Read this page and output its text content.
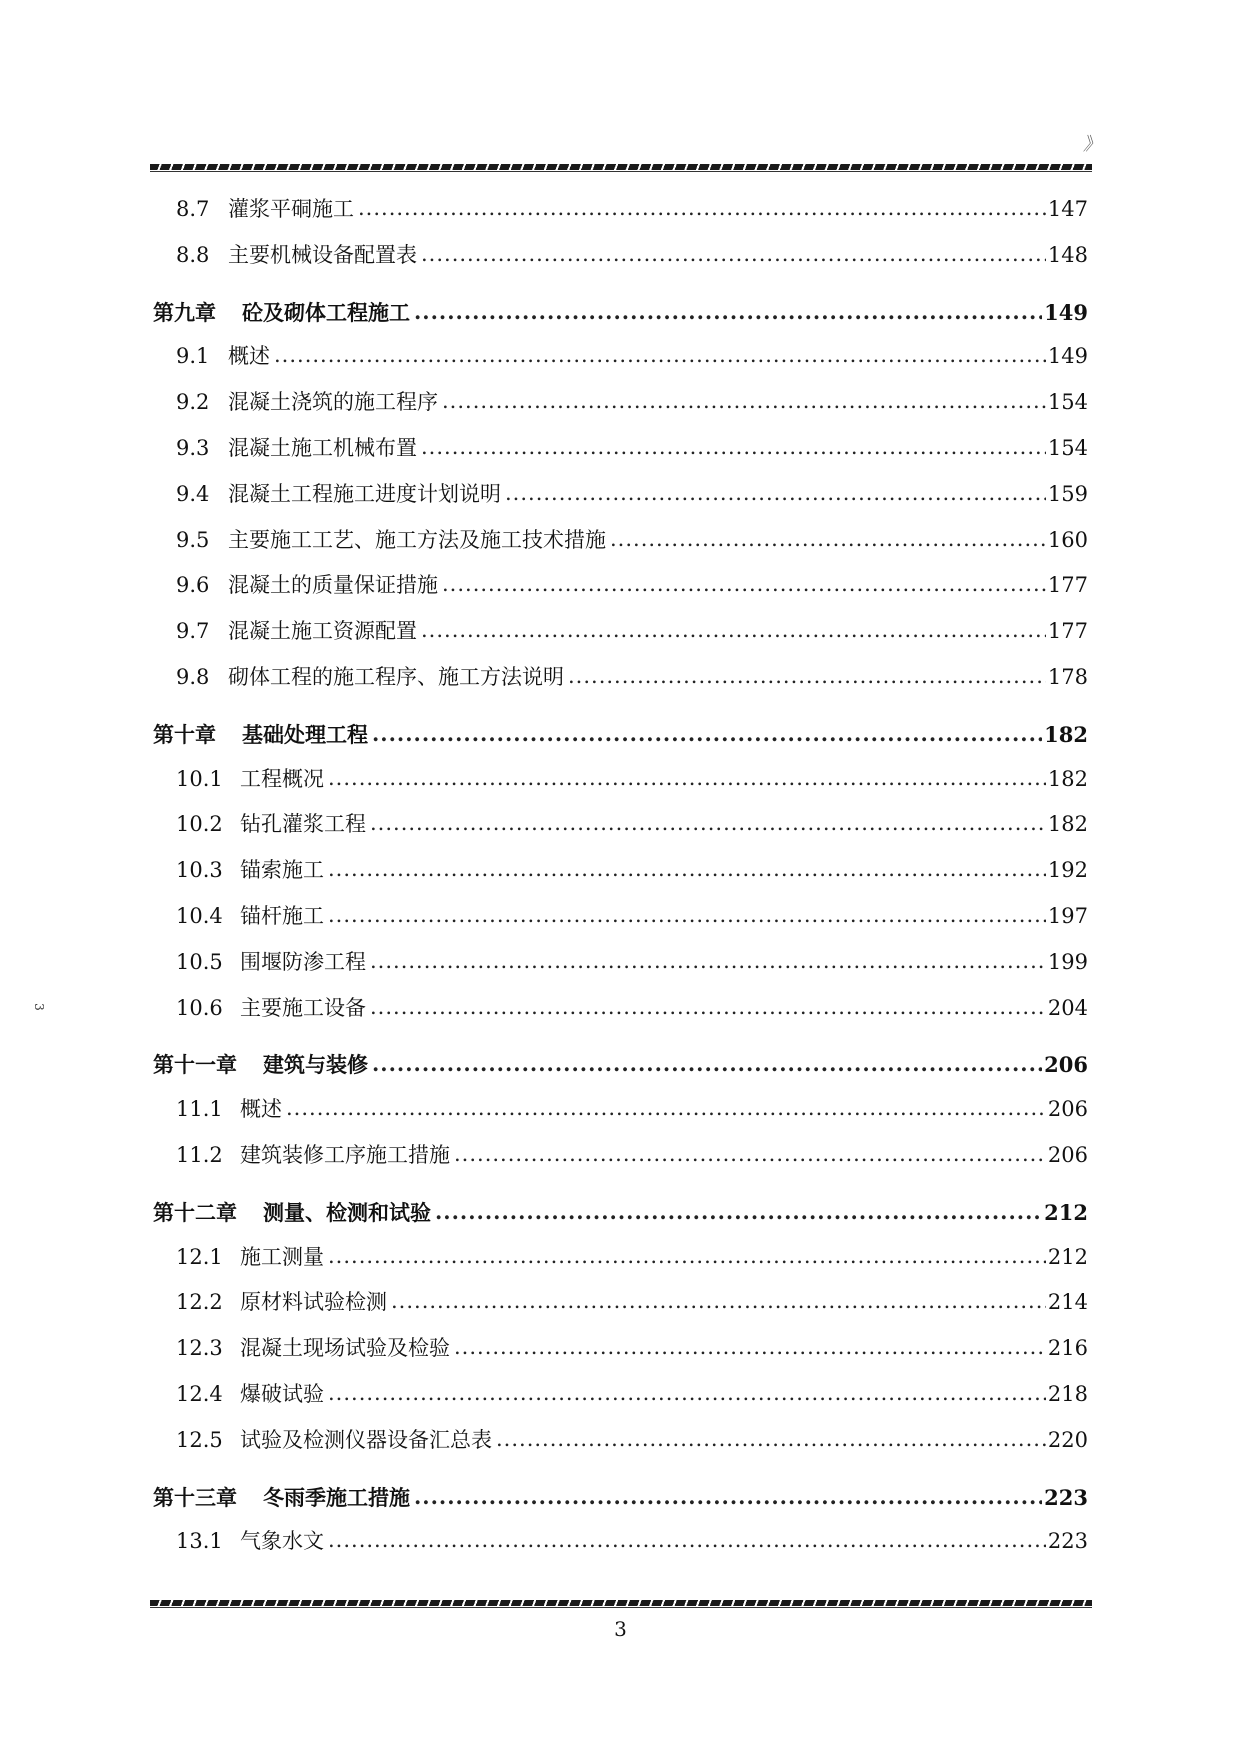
》
3
8.7 灌浆平硐施工 .....	147
8.8 主要机械设备配置表 .....	148
第九章 砼及砌体工程施工 .....	149
9.1 概述 .....	149
9.2 混凝土浇筑的施工程序 .....	154
9.3 混凝土施工机械布置 .....	154
9.4 混凝土工程施工进度计划说明 .....	159
9.5 主要施工工艺、施工方法及施工技术措施 .....	160
9.6 混凝土的质量保证措施 .....	177
9.7 混凝土施工资源配置 .....	177
9.8 砌体工程的施工程序、施工方法说明 .....	178
第十章 基础处理工程 .....	182
10.1 工程概况 .....	182
10.2 钻孔灌浆工程 .....	182
10.3 锚索施工 .....	192
10.4 锚杆施工 .....	197
10.5 围堰防渗工程 .....	199
10.6 主要施工设备 .....	204
第十一章 建筑与装修 .....	206
11.1 概述 .....	206
11.2 建筑装修工序施工措施 .....	206
第十二章 测量、检测和试验 .....	212
12.1 施工测量 .....	212
12.2 原材料试验检测 .....	214
12.3 混凝土现场试验及检验 .....	216
12.4 爆破试验 .....	218
12.5 试验及检测仪器设备汇总表 .....	220
第十三章 冬雨季施工措施 .....	223
13.1 气象水文 .....	223
3
